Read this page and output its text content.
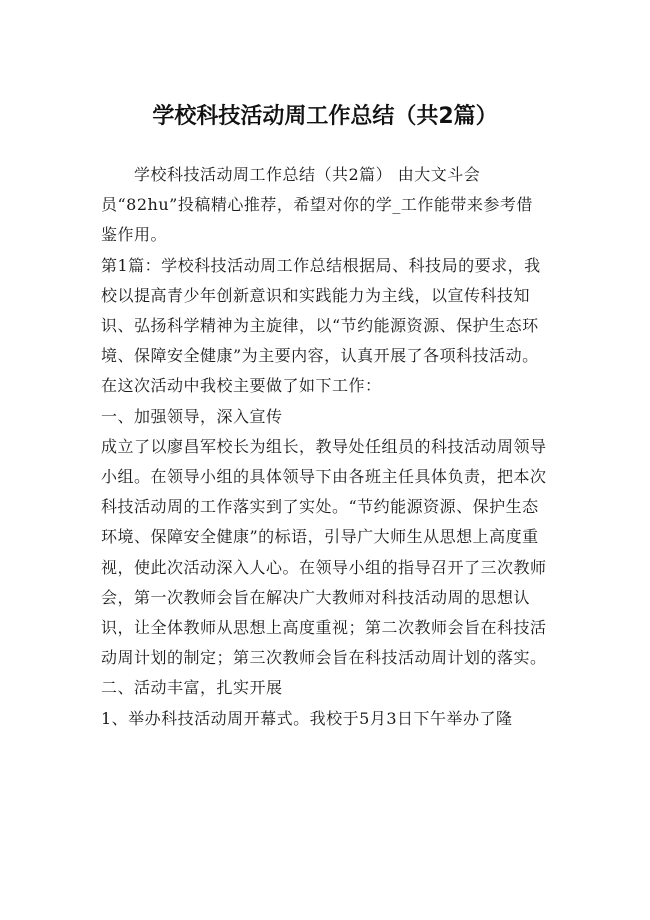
学校科技活动周工作总结（共2篇）

学校科技活动周工作总结（共2篇） 由大文斗会员“82hu”投稿精心推荐，希望对你的学_工作能带来参考借鉴作用。

第1篇：学校科技活动周工作总结根据局、科技局的要求，我校以提高青少年创新意识和实践能力为主线，以宣传科技知识、弘扬科学精神为主旋律，以“节约能源资源、保护生态环境、保障安全健康”为主要内容，认真开展了各项科技活动。在这次活动中我校主要做了如下工作：

一、加强领导，深入宣传

成立了以廖昌军校长为组长，教导处任组员的科技活动周领导小组。在领导小组的具体领导下由各班主任具体负责，把本次科技活动周的工作落实到了实处。“节约能源资源、保护生态环境、保障安全健康”的标语，引导广大师生从思想上高度重视，使此次活动深入人心。在领导小组的指导召开了三次教师会，第一次教师会旨在解决广大教师对科技活动周的思想认识，让全体教师从思想上高度重视；第二次教师会旨在科技活动周计划的制定；第三次教师会旨在科技活动周计划的落实。

二、活动丰富，扎实开展

1、举办科技活动周开幕式。我校于5月3日下午举办了隆
